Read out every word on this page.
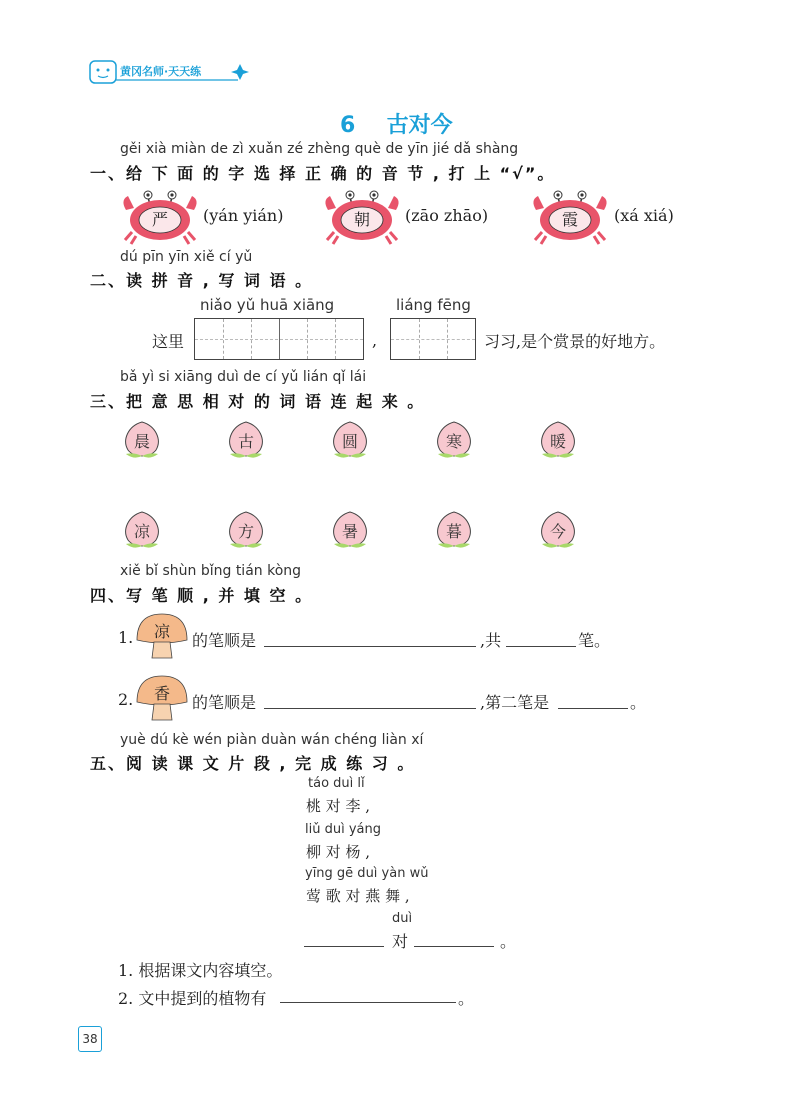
黄冈名师·天天练
6 古对今
gěi xià miàn de zì xuǎn zé zhèng què de yīn jié dǎ shàng
一、给 下 面 的 字 选 择 正 确 的 音 节 , 打 上 “√”。
严	(yán yián)	朝	(zāo zhāo)	霞	(xá xiá)
dú pīn yīn xiě cí yǔ
二、读 拼 音 , 写 词 语 。
niǎo yǔ huā xiāng	liáng fēng
这里	,	习习,是个赏景的好地方。
bǎ yì si xiāng duì de cí yǔ lián qǐ lái
三、把 意 思 相 对 的 词 语 连 起 来 。
晨	古	圆	寒	暖
凉	方	暑	暮	今
xiě bǐ shùn bǐng tián kòng
四、写 笔 顺 , 并 填 空 。
1.	凉	的笔顺是	,共	笔。
2.	香	的笔顺是	,第二笔是	。
yuè dú kè wén piàn duàn wán chéng liàn xí
五、阅 读 课 文 片 段 , 完 成 练 习 。
táo duì lǐ
桃 对 李 ,
liǔ duì yáng
柳 对 杨 ,
yīng gē duì yàn wǔ
莺 歌 对 燕 舞 ,
duì
对	。
1. 根据课文内容填空。
2. 文中提到的植物有	。
38
